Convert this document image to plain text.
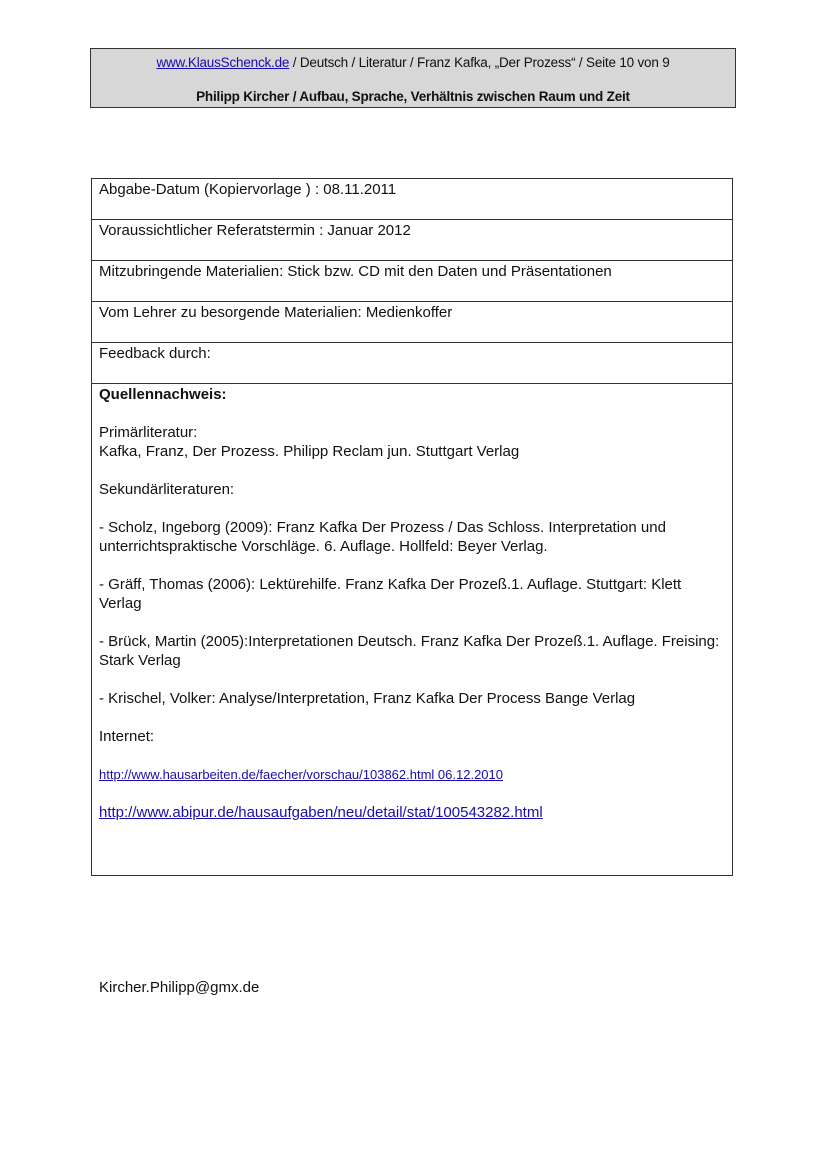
www.KlausSchenck.de / Deutsch / Literatur / Franz Kafka, „Der Prozess“ / Seite 10 von 9
Philipp Kircher / Aufbau, Sprache, Verhältnis zwischen Raum und Zeit
Abgabe-Datum (Kopiervorlage ) : 08.11.2011
Voraussichtlicher Referatstermin : Januar 2012
Mitzubringende Materialien: Stick bzw. CD mit den Daten und Präsentationen
Vom Lehrer zu besorgende Materialien: Medienkoffer
Feedback durch:

Quellennachweis:

Primärliteratur:

Kafka, Franz, Der Prozess. Philipp Reclam jun. Stuttgart Verlag

Sekundärliteraturen:

- Scholz, Ingeborg (2009): Franz Kafka Der Prozess / Das Schloss. Interpretation und unterrichtspraktische Vorschläge. 6. Auflage. Hollfeld: Beyer Verlag.

- Gräff, Thomas (2006): Lektürehilfe. Franz Kafka Der Prozeß.1. Auflage. Stuttgart: Klett Verlag

- Brück, Martin (2005):Interpretationen Deutsch. Franz Kafka Der Prozeß.1. Auflage. Freising: Stark Verlag

- Krischel, Volker: Analyse/Interpretation, Franz Kafka Der Process Bange Verlag

Internet:

http://www.hausarbeiten.de/faecher/vorschau/103862.html 06.12.2010

http://www.abipur.de/hausaufgaben/neu/detail/stat/100543282.html

Kircher.Philipp@gmx.de
